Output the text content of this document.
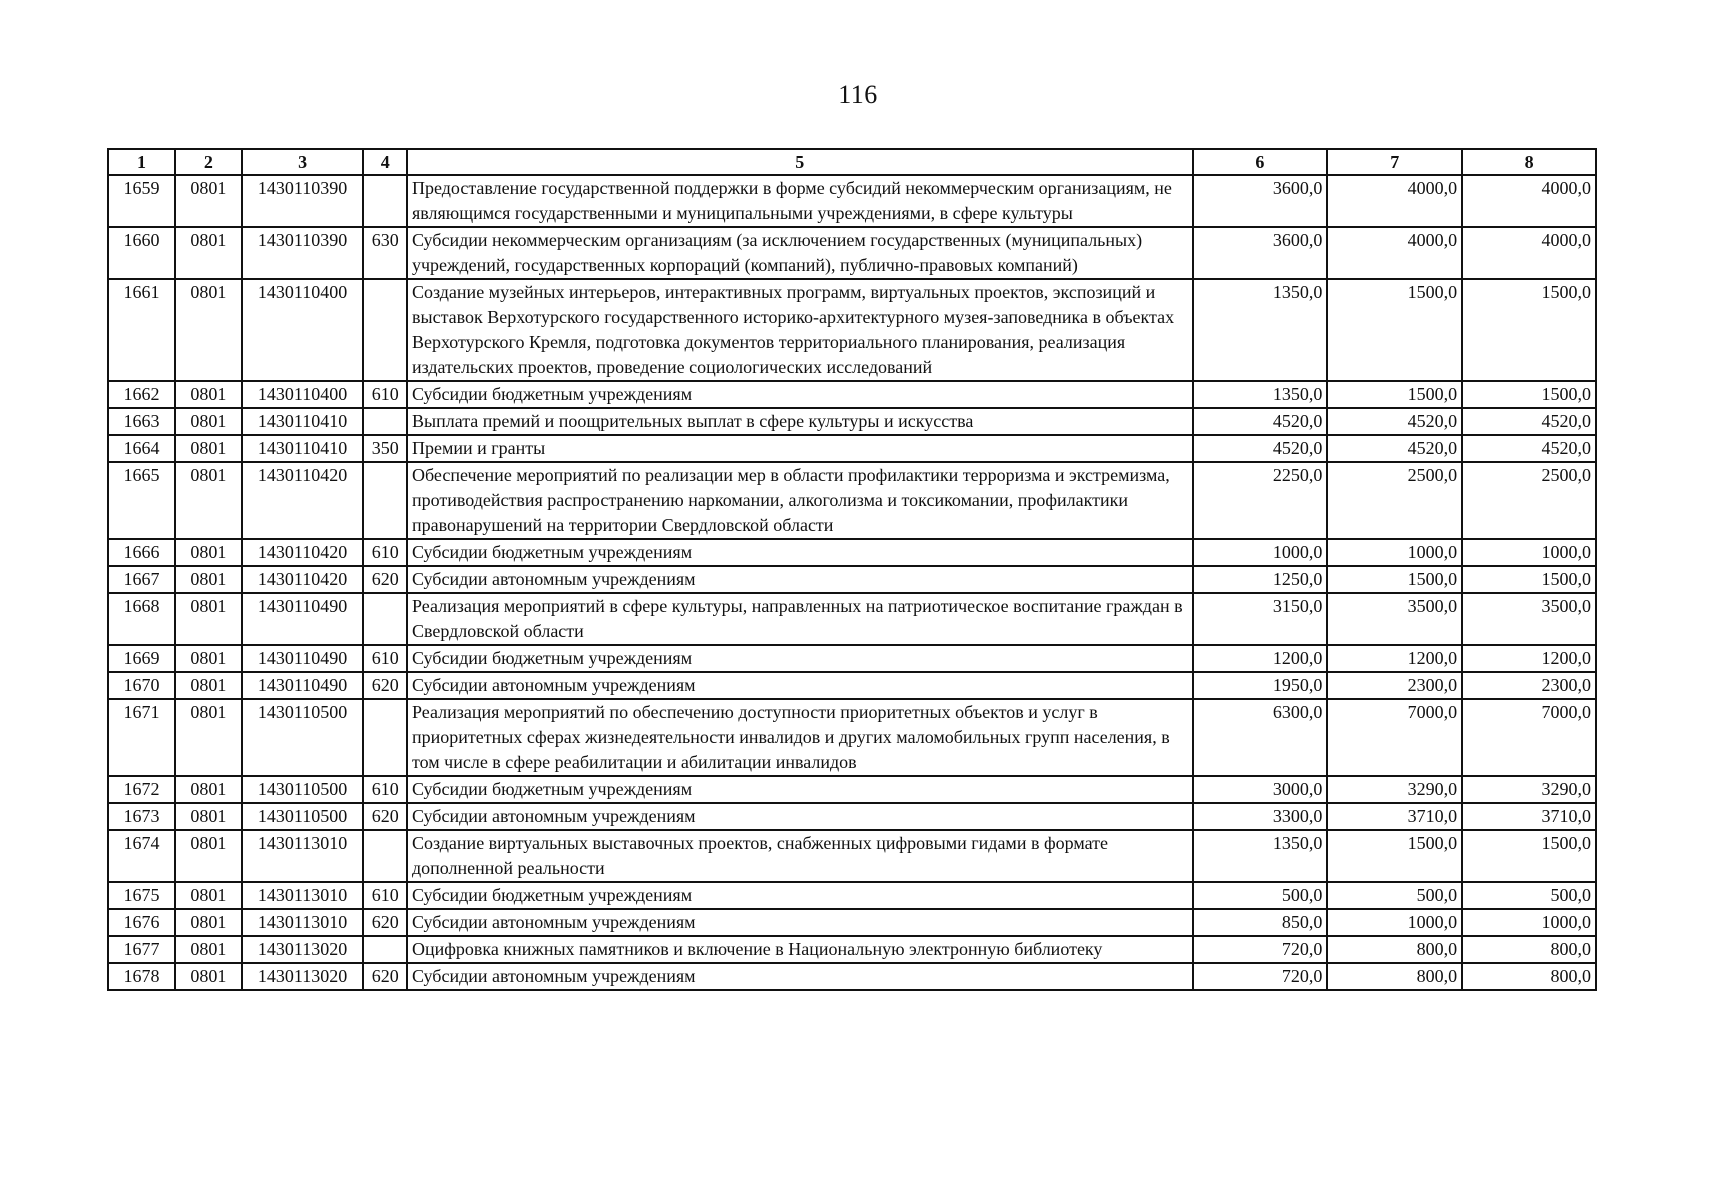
116
1	2	3	4	5	6	7	8
1659	0801	1430110390		Предоставление государственной поддержки в форме субсидий некоммерческим организациям, не являющимся государственными и муниципальными учреждениями, в сфере культуры	3600,0	4000,0	4000,0
1660	0801	1430110390	630	Субсидии некоммерческим организациям (за исключением государственных (муниципальных) учреждений, государственных корпораций (компаний), публично-правовых компаний)	3600,0	4000,0	4000,0
1661	0801	1430110400		Создание музейных интерьеров, интерактивных программ, виртуальных проектов, экспозиций и выставок Верхотурского государственного историко-архитектурного музея-заповедника в объектах Верхотурского Кремля, подготовка документов территориального планирования, реализация издательских проектов, проведение социологических исследований	1350,0	1500,0	1500,0
1662	0801	1430110400	610	Субсидии бюджетным учреждениям	1350,0	1500,0	1500,0
1663	0801	1430110410		Выплата премий и поощрительных выплат в сфере культуры и искусства	4520,0	4520,0	4520,0
1664	0801	1430110410	350	Премии и гранты	4520,0	4520,0	4520,0
1665	0801	1430110420		Обеспечение мероприятий по реализации мер в области профилактики терроризма и экстремизма, противодействия распространению наркомании, алкоголизма и токсикомании, профилактики правонарушений на территории Свердловской области	2250,0	2500,0	2500,0
1666	0801	1430110420	610	Субсидии бюджетным учреждениям	1000,0	1000,0	1000,0
1667	0801	1430110420	620	Субсидии автономным учреждениям	1250,0	1500,0	1500,0
1668	0801	1430110490		Реализация мероприятий в сфере культуры, направленных на патриотическое воспитание граждан в Свердловской области	3150,0	3500,0	3500,0
1669	0801	1430110490	610	Субсидии бюджетным учреждениям	1200,0	1200,0	1200,0
1670	0801	1430110490	620	Субсидии автономным учреждениям	1950,0	2300,0	2300,0
1671	0801	1430110500		Реализация мероприятий по обеспечению доступности приоритетных объектов и услуг в приоритетных сферах жизнедеятельности инвалидов и других маломобильных групп населения, в том числе в сфере реабилитации и абилитации инвалидов	6300,0	7000,0	7000,0
1672	0801	1430110500	610	Субсидии бюджетным учреждениям	3000,0	3290,0	3290,0
1673	0801	1430110500	620	Субсидии автономным учреждениям	3300,0	3710,0	3710,0
1674	0801	1430113010		Создание виртуальных выставочных проектов, снабженных цифровыми гидами в формате дополненной реальности	1350,0	1500,0	1500,0
1675	0801	1430113010	610	Субсидии бюджетным учреждениям	500,0	500,0	500,0
1676	0801	1430113010	620	Субсидии автономным учреждениям	850,0	1000,0	1000,0
1677	0801	1430113020		Оцифровка книжных памятников и включение в Национальную электронную библиотеку	720,0	800,0	800,0
1678	0801	1430113020	620	Субсидии автономным учреждениям	720,0	800,0	800,0
